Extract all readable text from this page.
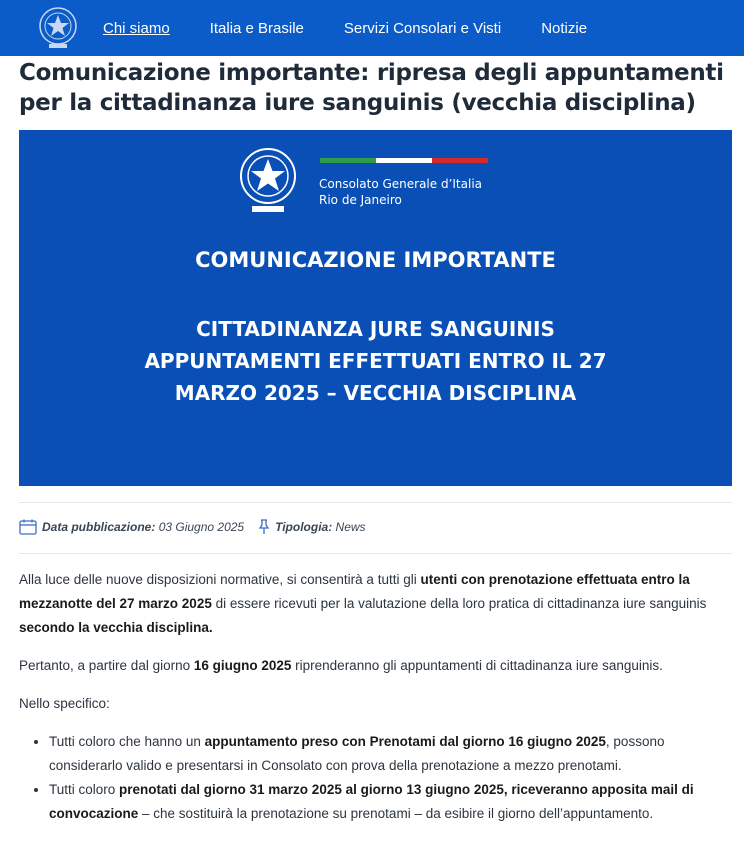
Chi siamo	Italia e Brasile	Servizi Consolari e Visti	Notizie
Comunicazione importante: ripresa degli appuntamenti per la cittadinanza iure sanguinis (vecchia disciplina)
Consolato Generale d’Italia
Rio de Janeiro
COMUNICAZIONE IMPORTANTE
CITTADINANZA JURE SANGUINIS
APPUNTAMENTI EFFETTUATI ENTRO IL 27
MARZO 2025 – VECCHIA DISCIPLINA
Data pubblicazione:
03 Giugno 2025	Tipologia:
News

Alla luce delle nuove disposizioni normative, si consentirà a tutti gli utenti con prenotazione effettuata entro la mezzanotte del 27 marzo 2025 di essere ricevuti per la valutazione della loro pratica di cittadinanza iure sanguinis secondo la vecchia disciplina.

Pertanto, a partire dal giorno 16 giugno 2025 riprenderanno gli appuntamenti di cittadinanza iure sanguinis.

Nello specifico:

• Tutti coloro che hanno un appuntamento preso con Prenotami dal giorno 16 giugno 2025, possono considerarlo valido e presentarsi in Consolato con prova della prenotazione a mezzo prenotami.
• Tutti coloro prenotati dal giorno 31 marzo 2025 al giorno 13 giugno 2025, riceveranno apposita mail di convocazione – che sostituirà la prenotazione su prenotami – da esibire il giorno dell’appuntamento.
